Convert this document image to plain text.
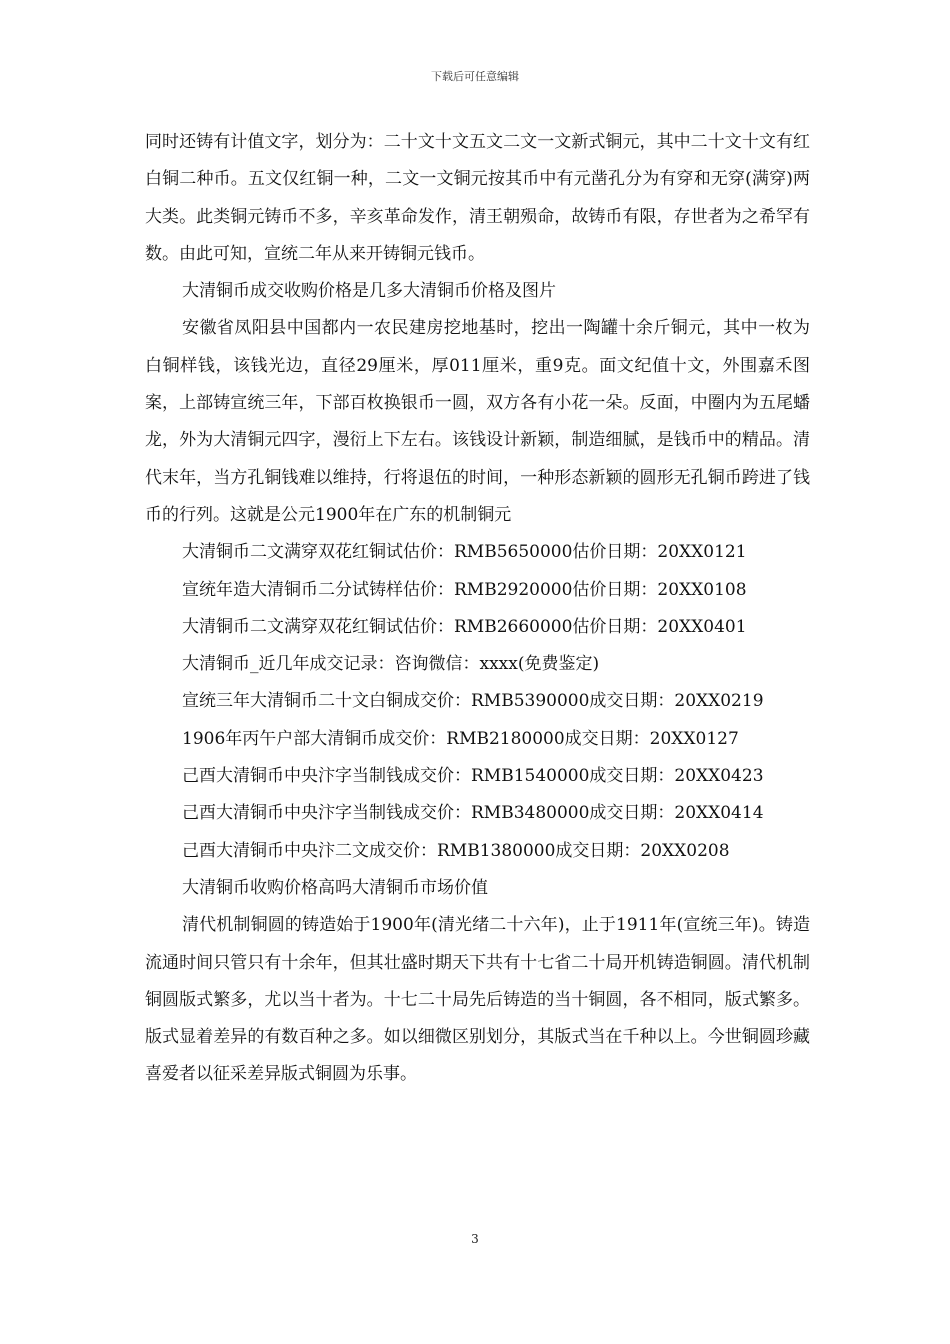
下载后可任意编辑

同时还铸有计值文字，划分为：二十文十文五文二文一文新式铜元，其中二十文十文有红白铜二种币。五文仅红铜一种，二文一文铜元按其币中有元凿孔分为有穿和无穿(满穿)两大类。此类铜元铸币不多，辛亥革命发作，清王朝殒命，故铸币有限，存世者为之希罕有数。由此可知，宣统二年从来开铸铜元钱币。

大清铜币成交收购价格是几多大清铜币价格及图片

安徽省凤阳县中国都内一农民建房挖地基时，挖出一陶罐十余斤铜元，其中一枚为白铜样钱，该钱光边，直径29厘米，厚011厘米，重9克。面文纪值十文，外围嘉禾图案，上部铸宣统三年，下部百枚换银币一圆，双方各有小花一朵。反面，中圈内为五尾蟠龙，外为大清铜元四字，漫衍上下左右。该钱设计新颖，制造细腻，是钱币中的精品。清代末年，当方孔铜钱难以维持，行将退伍的时间，一种形态新颖的圆形无孔铜币跨进了钱币的行列。这就是公元1900年在广东的机制铜元

大清铜币二文满穿双花红铜试估价：RMB5650000估价日期：20XX0121

宣统年造大清铜币二分试铸样估价：RMB2920000估价日期：20XX0108

大清铜币二文满穿双花红铜试估价：RMB2660000估价日期：20XX0401

大清铜币_近几年成交记录：咨询微信：xxxx(免费鉴定)

宣统三年大清铜币二十文白铜成交价：RMB5390000成交日期：20XX0219

1906年丙午户部大清铜币成交价：RMB2180000成交日期：20XX0127

己酉大清铜币中央汴字当制钱成交价：RMB1540000成交日期：20XX0423

己酉大清铜币中央汴字当制钱成交价：RMB3480000成交日期：20XX0414

己酉大清铜币中央汴二文成交价：RMB1380000成交日期：20XX0208

大清铜币收购价格高吗大清铜币市场价值

清代机制铜圆的铸造始于1900年(清光绪二十六年)，止于1911年(宣统三年)。铸造流通时间只管只有十余年，但其壮盛时期天下共有十七省二十局开机铸造铜圆。清代机制铜圆版式繁多，尤以当十者为。十七二十局先后铸造的当十铜圆，各不相同，版式繁多。版式显着差异的有数百种之多。如以细微区别划分，其版式当在千种以上。今世铜圆珍藏喜爱者以征采差异版式铜圆为乐事。

3
